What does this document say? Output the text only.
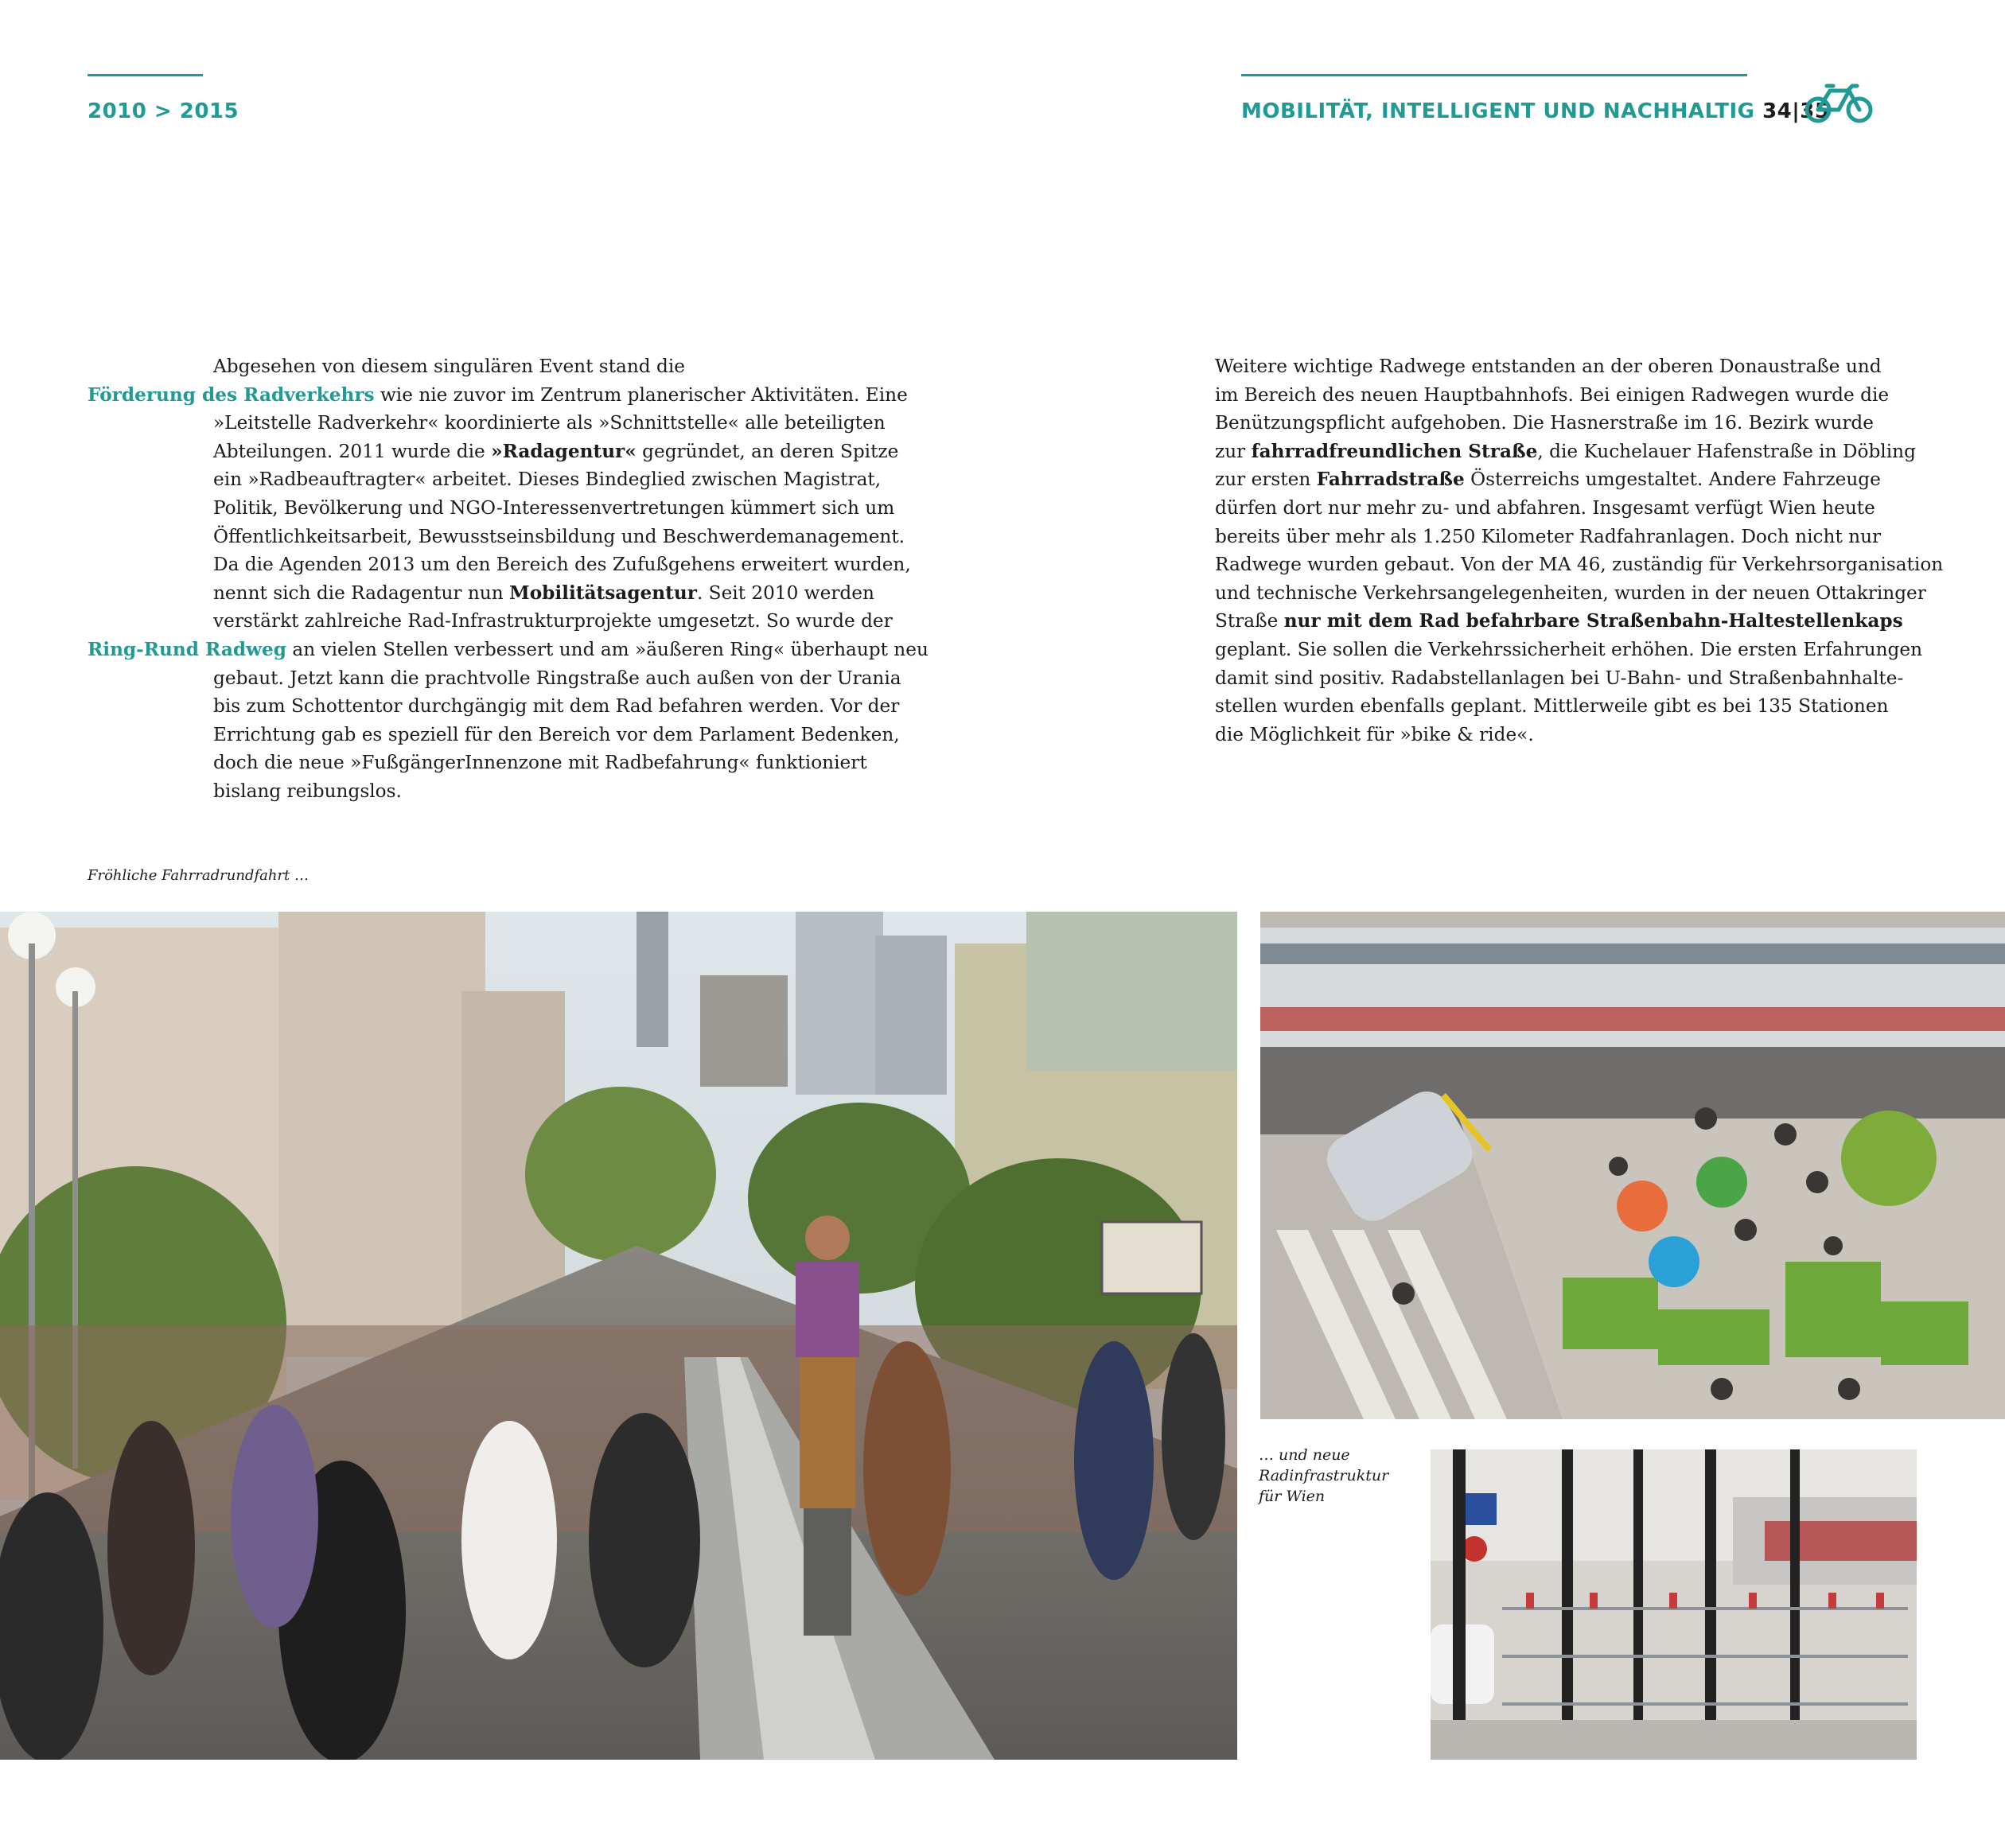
2010 > 2015	MOBILITÄT, INTELLIGENT UND NACHHALTIG 34|35
Abgesehen von diesem singulären Event stand die
Förderung des Radverkehrs wie nie zuvor im Zentrum planerischer Aktivitäten. Eine
»Leitstelle Radverkehr« koordinierte als »Schnittstelle« alle beteiligten
Abteilungen. 2011 wurde die »Radagentur« gegründet, an deren Spitze
ein »Radbeauftragter« arbeitet. Dieses Bindeglied zwischen Magistrat,
Politik, Bevölkerung und NGO-Interessenvertretungen kümmert sich um
Öffentlichkeitsarbeit, Bewusstseinsbildung und Beschwerdemanagement.
Da die Agenden 2013 um den Bereich des Zufußgehens erweitert wurden,
nennt sich die Radagentur nun Mobilitätsagentur. Seit 2010 werden
verstärkt zahlreiche Rad-Infrastrukturprojekte umgesetzt. So wurde der
Ring-Rund Radweg an vielen Stellen verbessert und am »äußeren Ring« überhaupt neu
gebaut. Jetzt kann die prachtvolle Ringstraße auch außen von der Urania
bis zum Schottentor durchgängig mit dem Rad befahren werden. Vor der
Errichtung gab es speziell für den Bereich vor dem Parlament Bedenken,
doch die neue »FußgängerInnenzone mit Radbefahrung« funktioniert
bislang reibungslos.
Weitere wichtige Radwege entstanden an der oberen Donaustraße und
im Bereich des neuen Hauptbahnhofs. Bei einigen Radwegen wurde die
Benützungspflicht aufgehoben. Die Hasnerstraße im 16. Bezirk wurde
zur fahrradfreundlichen Straße, die Kuchelauer Hafenstraße in Döbling
zur ersten Fahrradstraße Österreichs umgestaltet. Andere Fahrzeuge
dürfen dort nur mehr zu- und abfahren. Insgesamt verfügt Wien heute
bereits über mehr als 1.250 Kilometer Radfahranlagen. Doch nicht nur
Radwege wurden gebaut. Von der MA 46, zuständig für Verkehrsorganisation
und technische Verkehrsangelegenheiten, wurden in der neuen Ottakringer
Straße nur mit dem Rad befahrbare Straßenbahn-Haltestellenkaps
geplant. Sie sollen die Verkehrssicherheit erhöhen. Die ersten Erfahrungen
damit sind positiv. Radabstellanlagen bei U-Bahn- und Straßenbahnhalte-
stellen wurden ebenfalls geplant. Mittlerweile gibt es bei 135 Stationen
die Möglichkeit für »bike & ride«.
Fröhliche Fahrradrundfahrt …
… und neue
Radinfrastruktur
für Wien
